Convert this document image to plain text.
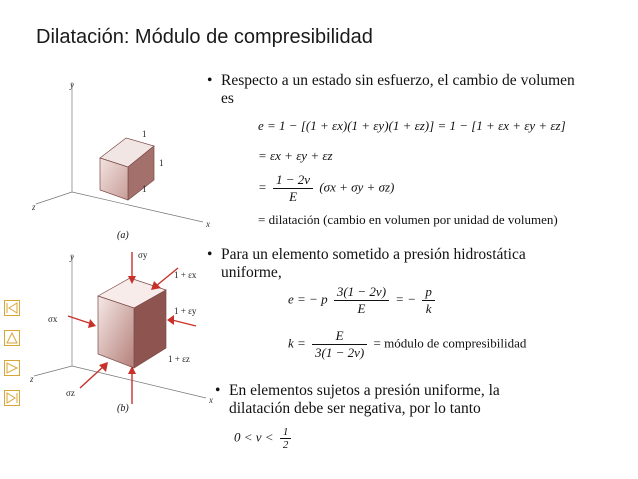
Dilatación: Módulo de compresibilidad
y
x
z
1
1
1
(a)
y
x
z
σy
σx
σz
1 + εx
1 + εy
1 + εz
(b)
• Respecto a un estado sin esfuerzo, el cambio de volumen
es
e = 1 − [(1 + εx)(1 + εy)(1 + εz)] = 1 − [1 + εx + εy + εz]
= εx + εy + εz
= $\frac{1 - 2\nu}{E} (\sigma x + \sigma y + \sigma z)$
= dilatación (cambio en volumen por unidad de volumen)
• Para un elemento sometido a presión hidrostática
uniforme,
e = − p $\frac{3(1 - 2\nu)}{E}$ = − $\frac{p}{k}$
$k = \frac{E}{3(1 - 2\nu)}$ = módulo de compresibilidad
• En elementos sujetos a presión uniforme, la
dilatación debe ser negativa, por lo tanto
$0 < \nu < \frac{1}{2}$
